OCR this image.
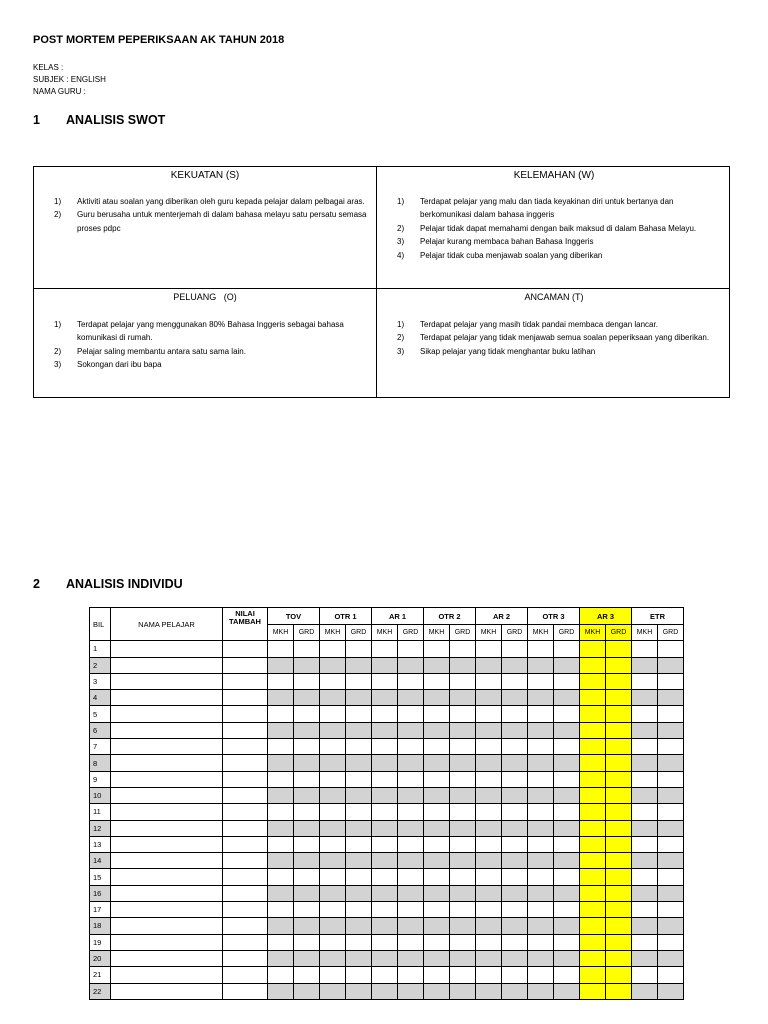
POST MORTEM PEPERIKSAAN AK TAHUN 2018
KELAS :
SUBJEK : ENGLISH
NAMA GURU :
1 ANALISIS SWOT
KEKUATAN (S)
1) Aktiviti atau soalan yang diberikan oleh guru kepada pelajar dalam pelbagai aras.
2) Guru berusaha untuk menterjemah di dalam bahasa melayu satu persatu semasa proses pdpc
KELEMAHAN (W)
1) Terdapat pelajar yang malu dan tiada keyakinan diri untuk bertanya dan berkomunikasi dalam bahasa inggeris
2) Pelajar tidak dapat memahami dengan baik maksud di dalam Bahasa Melayu.
3) Pelajar kurang membaca bahan Bahasa Inggeris
4) Pelajar tidak cuba menjawab soalan yang diberikan
PELUANG   (O)
1) Terdapat pelajar yang menggunakan 80% Bahasa Inggeris sebagai bahasa komunikasi di rumah.
2) Pelajar saling membantu antara satu sama lain.
3) Sokongan dari ibu bapa
ANCAMAN (T)
1) Terdapat pelajar yang masih tidak pandai membaca dengan lancar.
2) Terdapat pelajar yang tidak menjawab semua soalan peperiksaan yang diberikan.
3) Sikap pelajar yang tidak menghantar buku latihan
2 ANALISIS INDIVIDU
BIL	NAMA PELAJAR	NILAI
TAMBAH	TOV		OTR 1		AR 1		OTR 2		AR 2		OTR 3		AR 3		ETR	
			MKH	GRD	MKH	GRD	MKH	GRD	MKH	GRD	MKH	GRD	MKH	GRD	MKH	GRD	MKH	GRD
1																		
2																		
3																		
4																		
5																		
6																		
7																		
8																		
9																		
10																		
11																		
12																		
13																		
14																		
15																		
16																		
17																		
18																		
19																		
20																		
21																		
22																		
